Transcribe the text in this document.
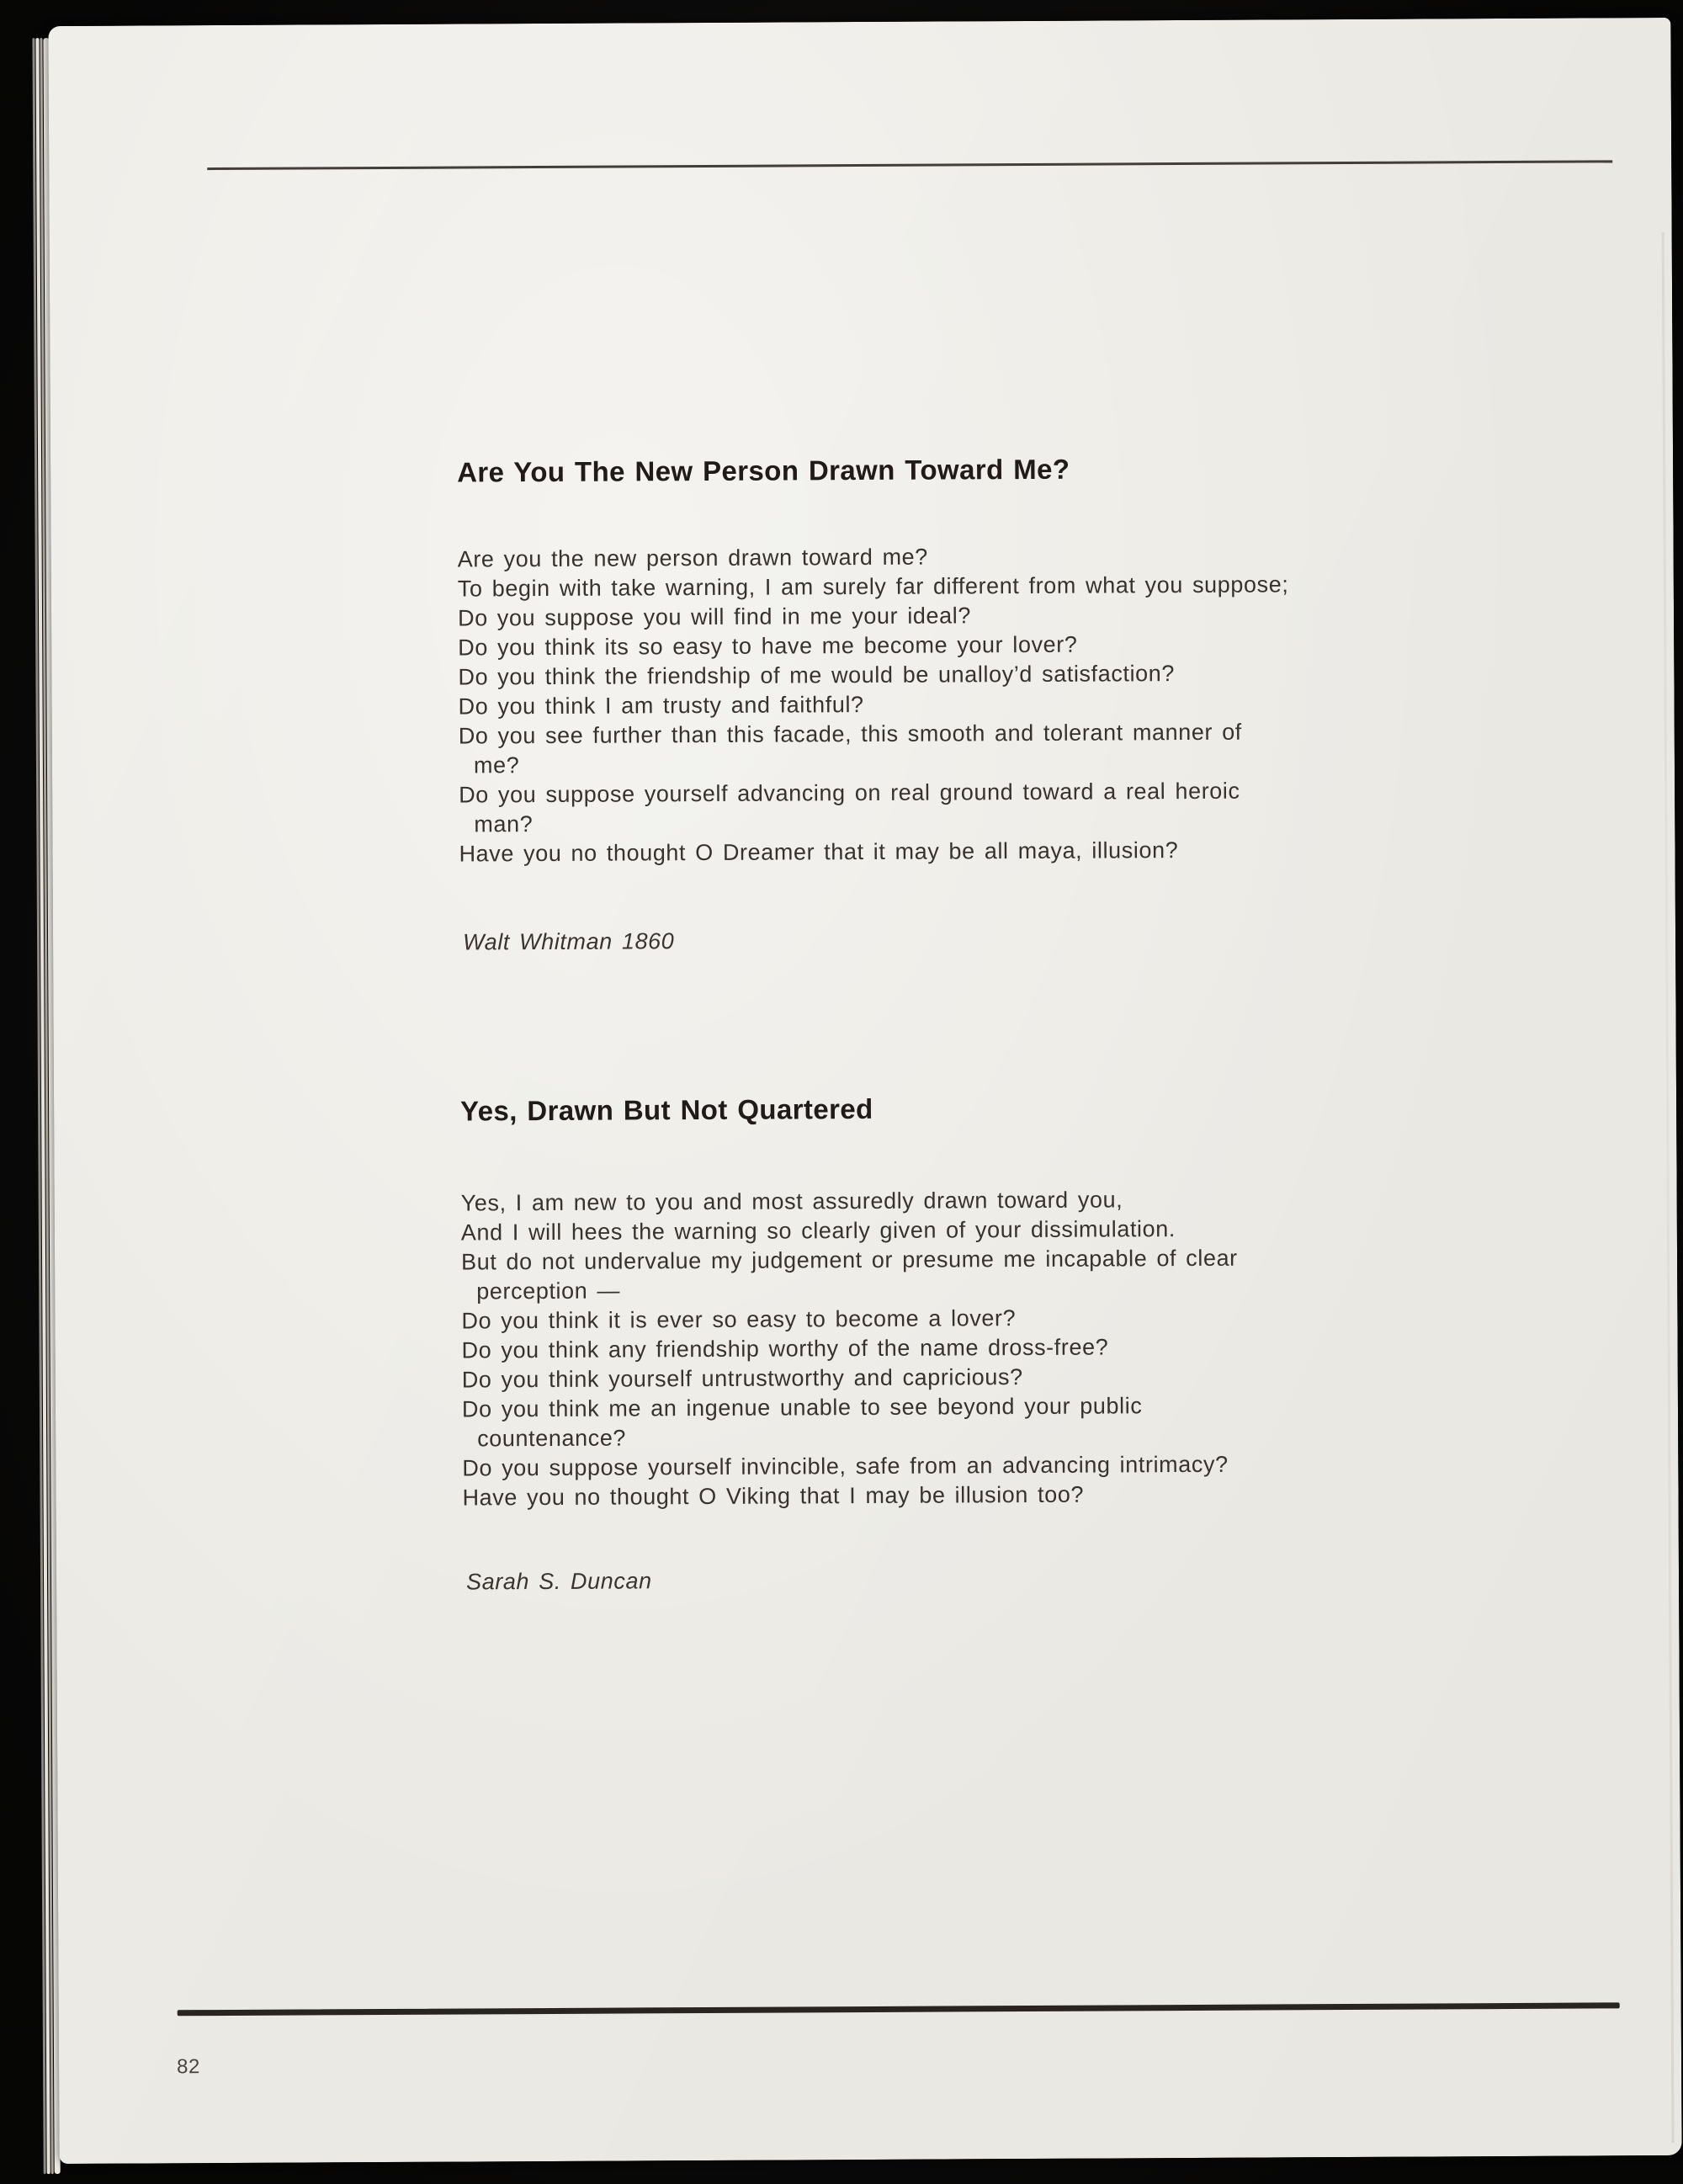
Are You The New Person Drawn Toward Me?

Are you the new person drawn toward me?

To begin with take warning, I am surely far different from what you suppose;

Do you suppose you will find in me your ideal?

Do you think its so easy to have me become your lover?

Do you think the friendship of me would be unalloy’d satisfaction?

Do you think I am trusty and faithful?

Do you see further than this facade, this smooth and tolerant manner of

me?

Do you suppose yourself advancing on real ground toward a real heroic

man?

Have you no thought O Dreamer that it may be all maya, illusion?

Walt Whitman 1860

Yes, Drawn But Not Quartered

Yes, I am new to you and most assuredly drawn toward you,

And I will hees the warning so clearly given of your dissimulation.

But do not undervalue my judgement or presume me incapable of clear

perception —

Do you think it is ever so easy to become a lover?

Do you think any friendship worthy of the name dross-free?

Do you think yourself untrustworthy and capricious?

Do you think me an ingenue unable to see beyond your public

countenance?

Do you suppose yourself invincible, safe from an advancing intrimacy?

Have you no thought O Viking that I may be illusion too?

Sarah S. Duncan

82
